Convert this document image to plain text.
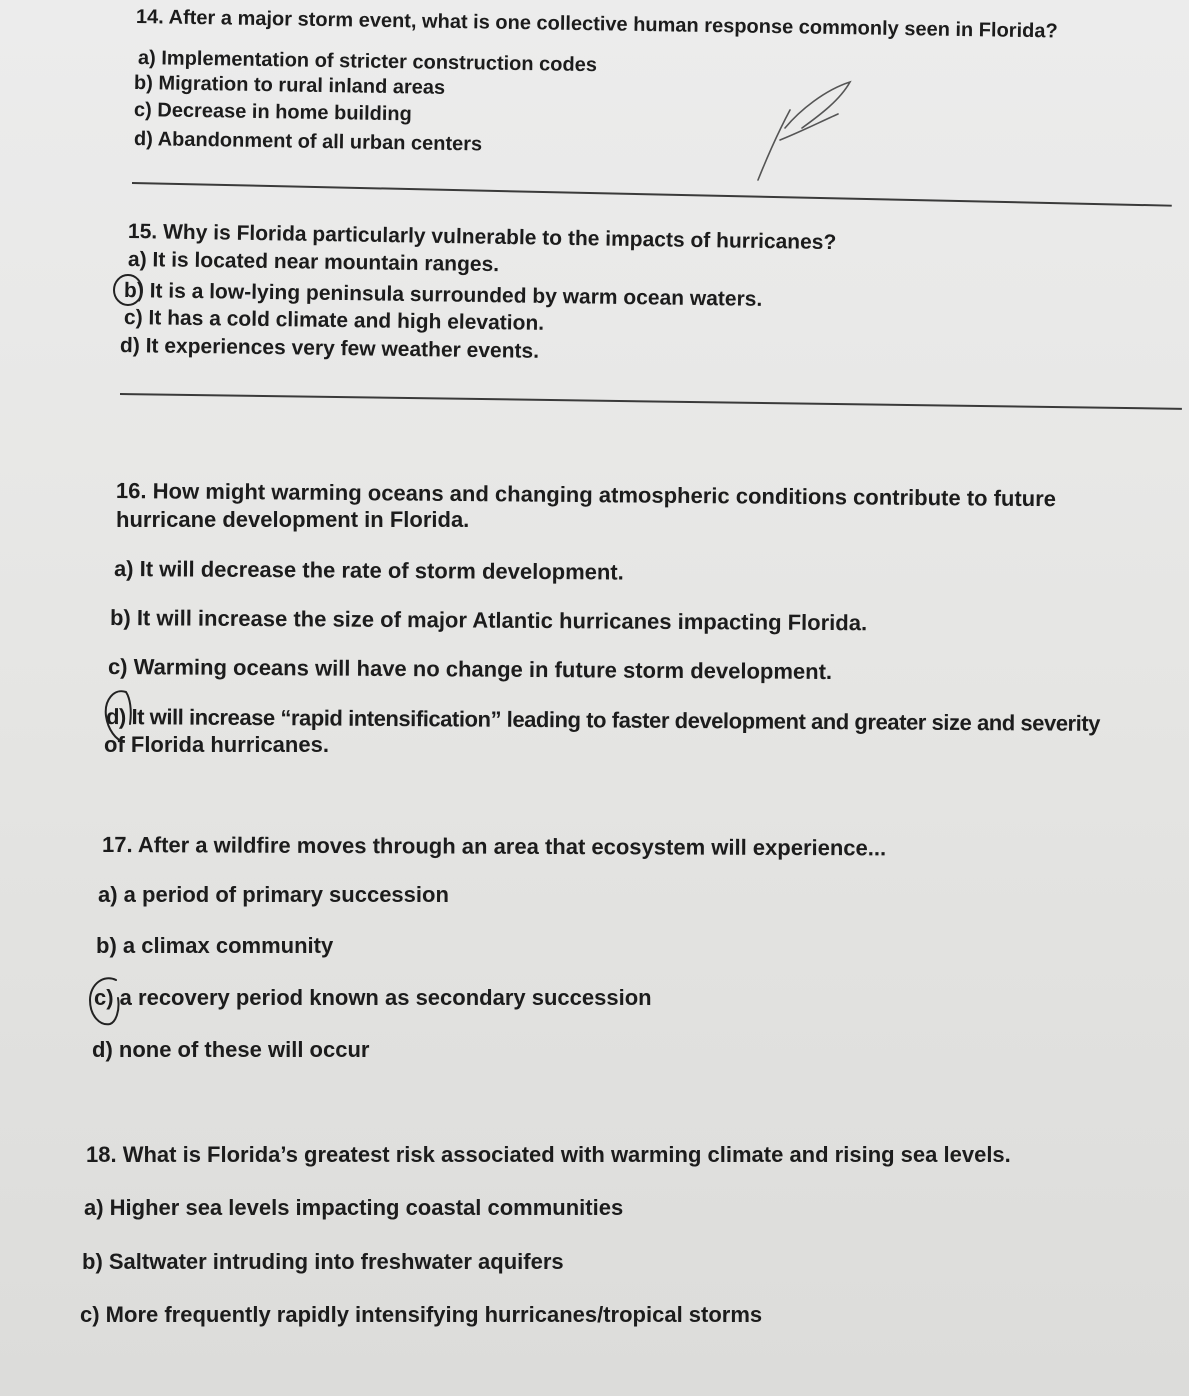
14. After a major storm event, what is one collective human response commonly seen in Florida?
a) Implementation of stricter construction codes
b) Migration to rural inland areas
c) Decrease in home building
d) Abandonment of all urban centers
15. Why is Florida particularly vulnerable to the impacts of hurricanes?
a) It is located near mountain ranges.
b) It is a low-lying peninsula surrounded by warm ocean waters.
c) It has a cold climate and high elevation.
d) It experiences very few weather events.
16. How might warming oceans and changing atmospheric conditions contribute to future
hurricane development in Florida.
a) It will decrease the rate of storm development.
b) It will increase the size of major Atlantic hurricanes impacting Florida.
c) Warming oceans will have no change in future storm development.
d) It will increase “rapid intensification” leading to faster development and greater size and severity
of Florida hurricanes.
17. After a wildfire moves through an area that ecosystem will experience...
a) a period of primary succession
b) a climax community
c) a recovery period known as secondary succession
d) none of these will occur
18. What is Florida’s greatest risk associated with warming climate and rising sea levels.
a) Higher sea levels impacting coastal communities
b) Saltwater intruding into freshwater aquifers
c) More frequently rapidly intensifying hurricanes/tropical storms
